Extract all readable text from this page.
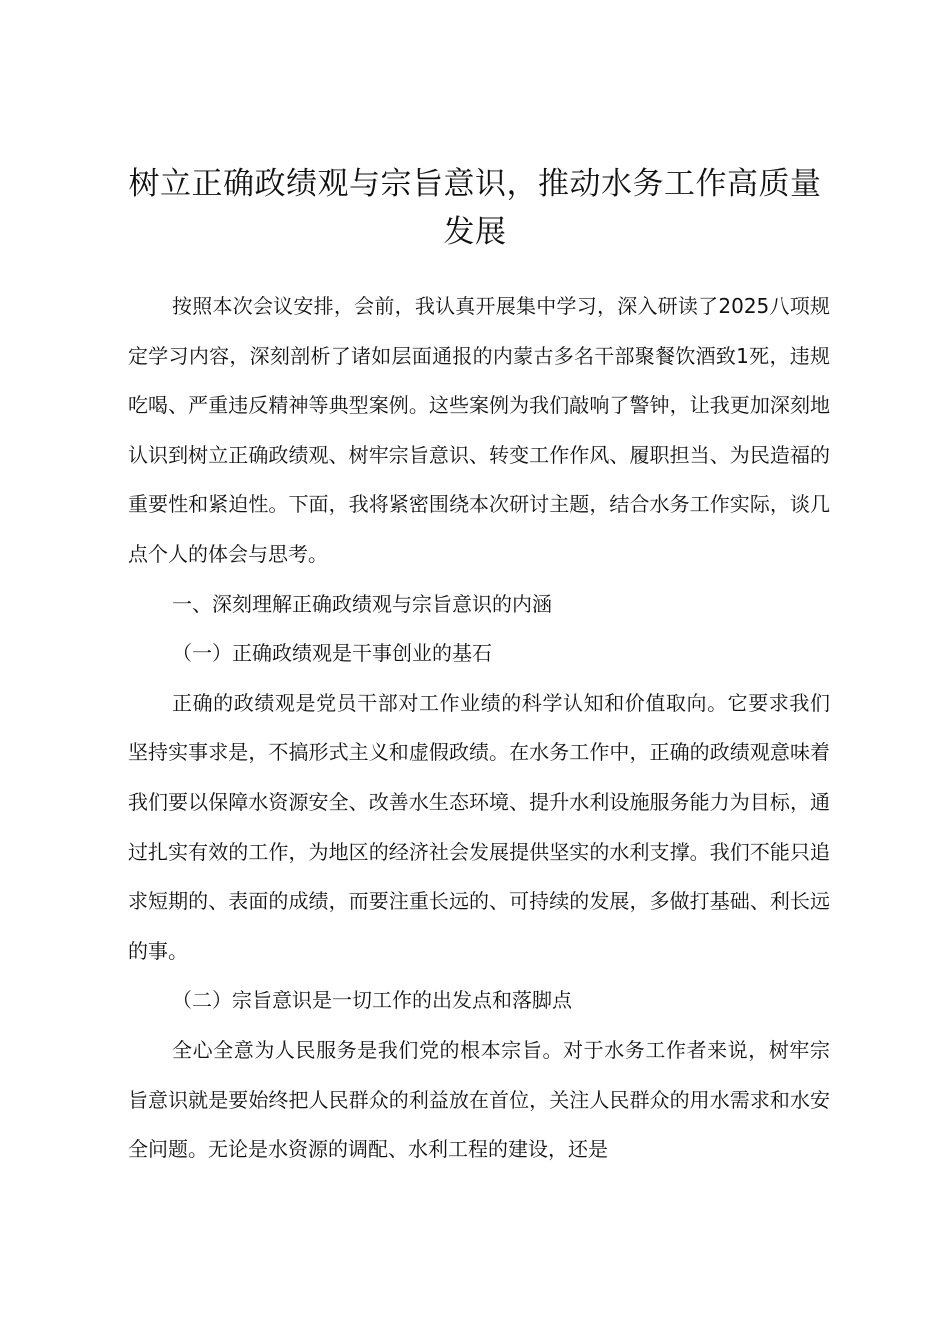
树立正确政绩观与宗旨意识，推动水务工作高质量发展

按照本次会议安排，会前，我认真开展集中学习，深入研读了2025八项规定学习内容，深刻剖析了诸如层面通报的内蒙古多名干部聚餐饮酒致1死，违规吃喝、严重违反精神等典型案例。这些案例为我们敲响了警钟，让我更加深刻地认识到树立正确政绩观、树牢宗旨意识、转变工作作风、履职担当、为民造福的重要性和紧迫性。下面，我将紧密围绕本次研讨主题，结合水务工作实际，谈几点个人的体会与思考。

一、深刻理解正确政绩观与宗旨意识的内涵

（一）正确政绩观是干事创业的基石

正确的政绩观是党员干部对工作业绩的科学认知和价值取向。它要求我们坚持实事求是，不搞形式主义和虚假政绩。在水务工作中，正确的政绩观意味着我们要以保障水资源安全、改善水生态环境、提升水利设施服务能力为目标，通过扎实有效的工作，为地区的经济社会发展提供坚实的水利支撑。我们不能只追求短期的、表面的成绩，而要注重长远的、可持续的发展，多做打基础、利长远的事。

（二）宗旨意识是一切工作的出发点和落脚点

全心全意为人民服务是我们党的根本宗旨。对于水务工作者来说，树牢宗旨意识就是要始终把人民群众的利益放在首位，关注人民群众的用水需求和水安全问题。无论是水资源的调配、水利工程的建设，还是
